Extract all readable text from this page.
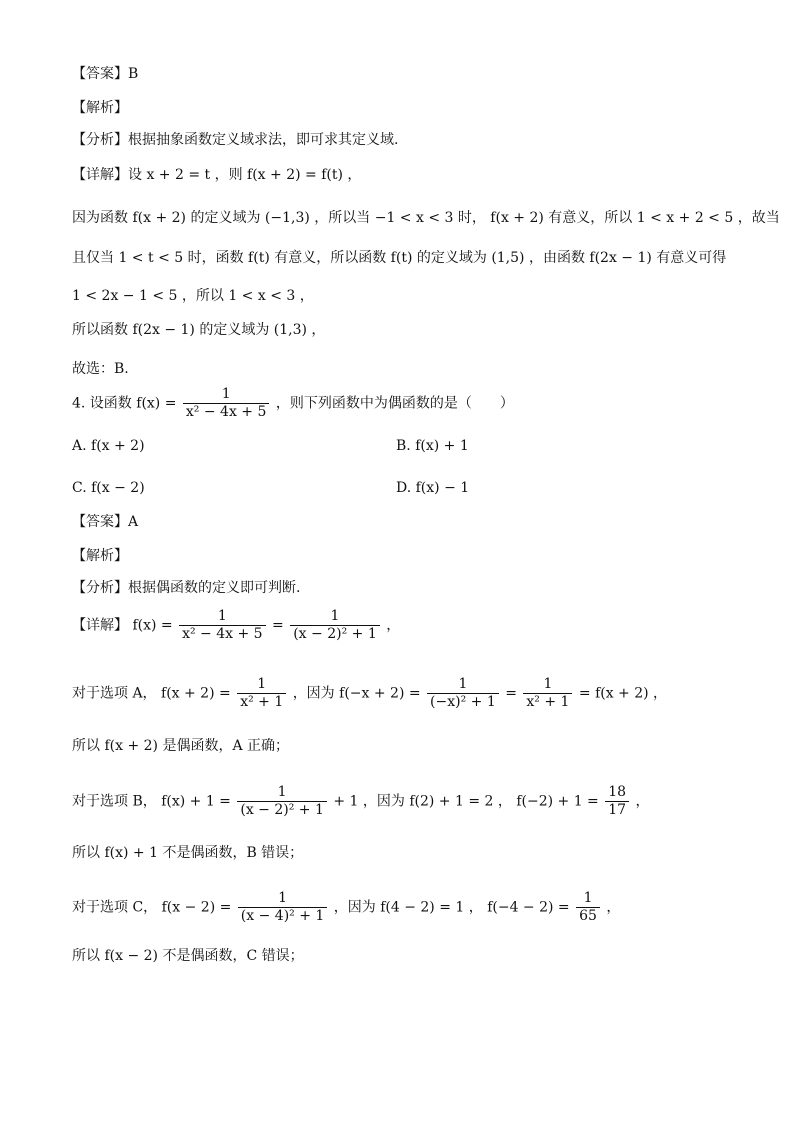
【答案】B
【解析】
【分析】根据抽象函数定义域求法，即可求其定义域.
【详解】设 x + 2 = t ，则 f(x + 2) = f(t) ，
因为函数 f(x + 2) 的定义域为 (−1,3) ，所以当 −1 < x < 3 时， f(x + 2) 有意义，所以 1 < x + 2 < 5 ，故当
且仅当 1 < t < 5 时，函数 f(t) 有意义，所以函数 f(t) 的定义域为 (1,5) ，由函数 f(2x − 1) 有意义可得
1 < 2x − 1 < 5 ，所以 1 < x < 3 ，
所以函数 f(2x − 1) 的定义域为 (1,3) ，
故选：B.
4. 设函数 $f(x) = \frac{1}{\text{x² − 4x + 5}}$ ，则下列函数中为偶函数的是（　　）
A. f(x + 2)	B. f(x) + 1
C. f(x − 2)	D. f(x) − 1
【答案】A
【解析】
【分析】根据偶函数的定义即可判断.
【详解】 $f(x) = \frac{1}{\text{x² − 4x + 5}} = \frac{1}{\text{(x − 2)² + 1}}$ ，
对于选项 A， $f(x + 2) = \frac{1}{\text{x² + 1}}$ ，因为 $f(-x + 2) = \frac{1}{\text{(−x)² + 1}} = \frac{1}{\text{x² + 1}} = f(x + 2)$ ，
所以 f(x + 2) 是偶函数，A 正确；
对于选项 B， $f(x) + 1 = \frac{1}{\text{(x − 2)² + 1}} + 1$ ，因为 f(2) + 1 = 2 ， $f(-2) + 1 = \frac{18}{17}$ ，
所以 f(x) + 1 不是偶函数，B 错误；
对于选项 C， $f(x - 2) = \frac{1}{\text{(x − 4)² + 1}}$ ，因为 f(4 − 2) = 1 ， $f(-4 - 2) = \frac{1}{65}$ ，
所以 f(x − 2) 不是偶函数，C 错误；
